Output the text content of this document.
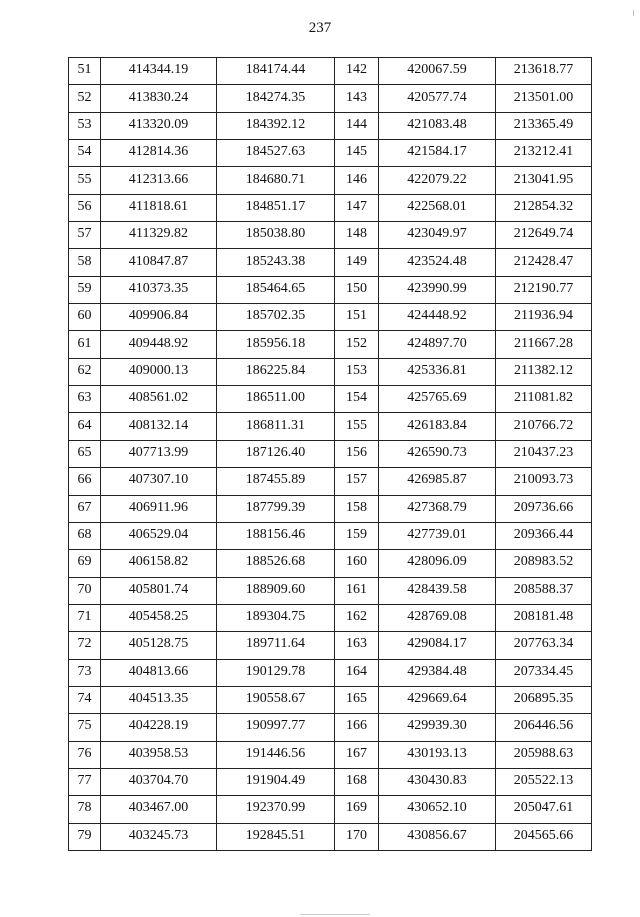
237
51	414344.19	184174.44	142	420067.59	213618.77
52	413830.24	184274.35	143	420577.74	213501.00
53	413320.09	184392.12	144	421083.48	213365.49
54	412814.36	184527.63	145	421584.17	213212.41
55	412313.66	184680.71	146	422079.22	213041.95
56	411818.61	184851.17	147	422568.01	212854.32
57	411329.82	185038.80	148	423049.97	212649.74
58	410847.87	185243.38	149	423524.48	212428.47
59	410373.35	185464.65	150	423990.99	212190.77
60	409906.84	185702.35	151	424448.92	211936.94
61	409448.92	185956.18	152	424897.70	211667.28
62	409000.13	186225.84	153	425336.81	211382.12
63	408561.02	186511.00	154	425765.69	211081.82
64	408132.14	186811.31	155	426183.84	210766.72
65	407713.99	187126.40	156	426590.73	210437.23
66	407307.10	187455.89	157	426985.87	210093.73
67	406911.96	187799.39	158	427368.79	209736.66
68	406529.04	188156.46	159	427739.01	209366.44
69	406158.82	188526.68	160	428096.09	208983.52
70	405801.74	188909.60	161	428439.58	208588.37
71	405458.25	189304.75	162	428769.08	208181.48
72	405128.75	189711.64	163	429084.17	207763.34
73	404813.66	190129.78	164	429384.48	207334.45
74	404513.35	190558.67	165	429669.64	206895.35
75	404228.19	190997.77	166	429939.30	206446.56
76	403958.53	191446.56	167	430193.13	205988.63
77	403704.70	191904.49	168	430430.83	205522.13
78	403467.00	192370.99	169	430652.10	205047.61
79	403245.73	192845.51	170	430856.67	204565.66
